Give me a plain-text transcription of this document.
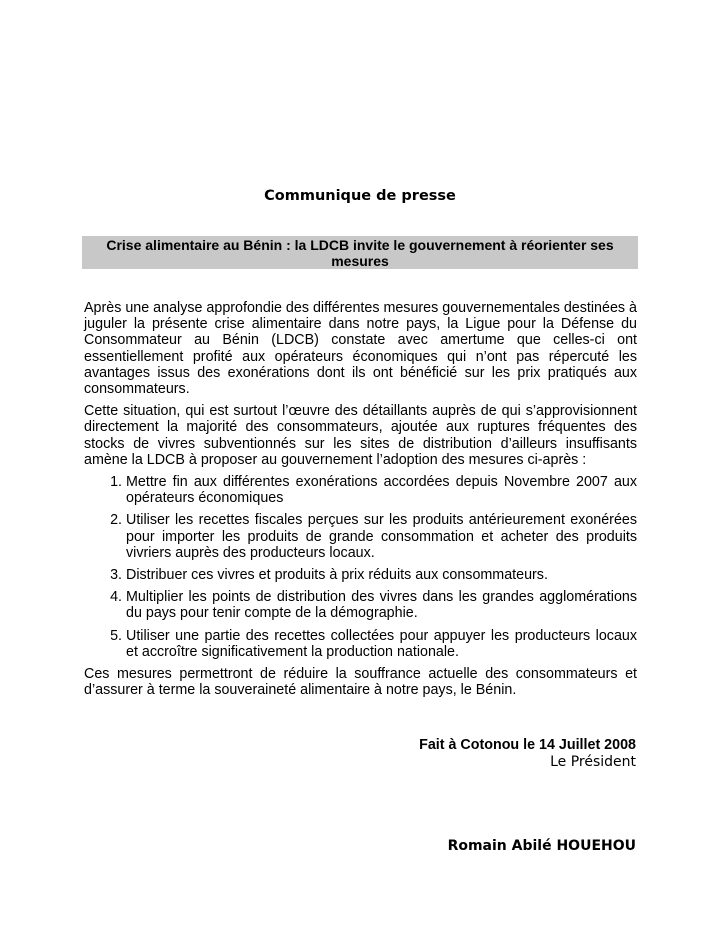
Communique de presse
Crise alimentaire au Bénin : la LDCB invite le gouvernement à réorienter ses mesures

Après une analyse approfondie des différentes mesures gouvernementales destinées à juguler la présente crise alimentaire dans notre pays, la Ligue pour la Défense du Consommateur au Bénin (LDCB) constate avec amertume que celles-ci ont essentiellement profité aux opérateurs économiques qui n’ont pas répercuté les avantages issus des exonérations dont ils ont bénéficié sur les prix pratiqués aux consommateurs.

Cette situation, qui est surtout l’œuvre des détaillants auprès de qui s’approvisionnent directement la majorité des consommateurs, ajoutée aux ruptures fréquentes des stocks de vivres subventionnés sur les sites de distribution d’ailleurs insuffisants amène la LDCB à proposer au gouvernement l’adoption des mesures ci-après :

1. Mettre fin aux différentes exonérations accordées depuis Novembre 2007 aux opérateurs économiques
2. Utiliser les recettes fiscales perçues sur les produits antérieurement exonérées pour importer les produits de grande consommation et acheter des produits vivriers auprès des producteurs locaux.
3. Distribuer ces vivres et produits à prix réduits aux consommateurs.
4. Multiplier les points de distribution des vivres dans les grandes agglomérations du pays pour tenir compte de la démographie.
5. Utiliser une partie des recettes collectées pour appuyer les producteurs locaux et accroître significativement la production nationale.

Ces mesures permettront de réduire la souffrance actuelle des consommateurs et d’assurer à terme la souveraineté alimentaire à notre pays, le Bénin.

Fait à Cotonou le 14 Juillet 2008
Le Président
Romain Abilé HOUEHOU
